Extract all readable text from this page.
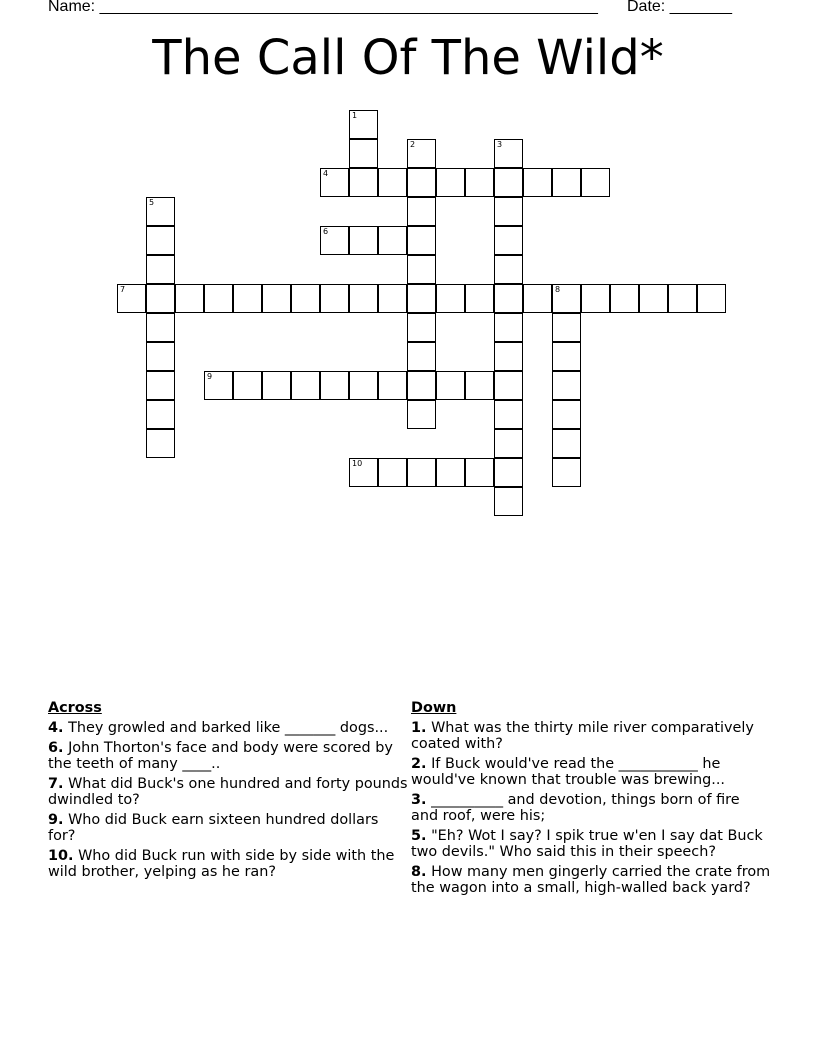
Name: ________________________________________________________ Date: _______
The Call Of The Wild*
1
2	3
4
5
6
7	8
9
10
Across
4. They growled and barked like _______ dogs...
6. John Thorton's face and body were scored by the teeth of many ____..
7. What did Buck's one hundred and forty pounds dwindled to?
9. Who did Buck earn sixteen hundred dollars for?
10. Who did Buck run with side by side with the wild brother, yelping as he ran?
Down
1. What was the thirty mile river comparatively coated with?
2. If Buck would've read the ___________ he would've known that trouble was brewing...
3. __________ and devotion, things born of fire and roof, were his;
5. "Eh? Wot I say? I spik true w'en I say dat Buck two devils." Who said this in their speech?
8. How many men gingerly carried the crate from the wagon into a small, high-walled back yard?
